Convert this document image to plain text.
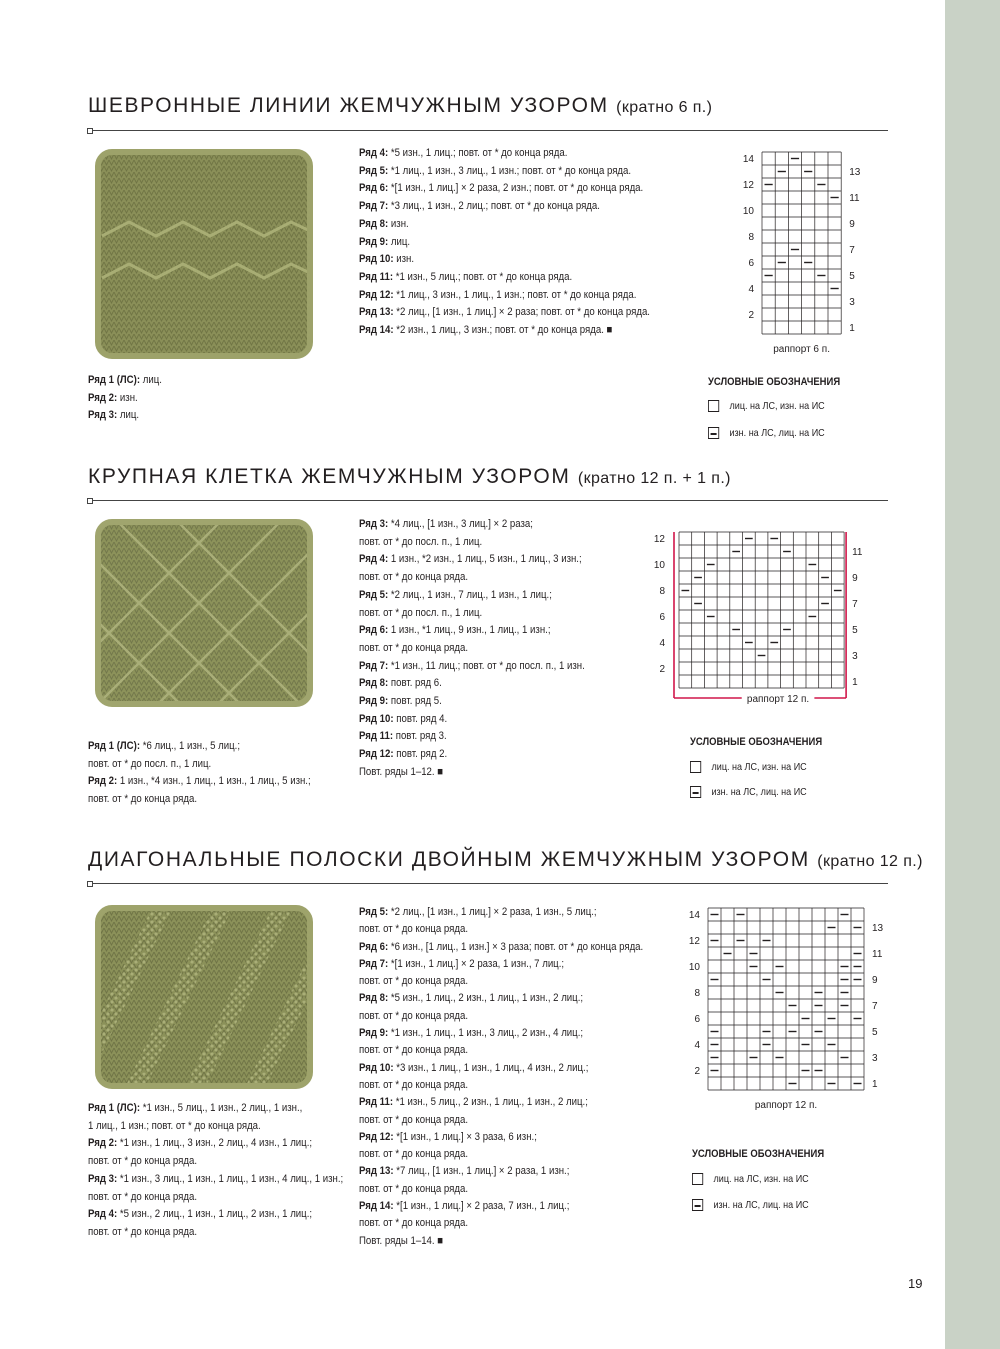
ШЕВРОННЫЕ ЛИНИИ ЖЕМЧУЖНЫМ УЗОРОМ (кратно 6 п.)
Ряд 1 (ЛС): лиц.
Ряд 2: изн.
Ряд 3: лиц.
Ряд 4: *5 изн., 1 лиц.; повт. от * до конца ряда.
Ряд 5: *1 лиц., 1 изн., 3 лиц., 1 изн.; повт. от * до конца ряда.
Ряд 6: *[1 изн., 1 лиц.] × 2 раза, 2 изн.; повт. от * до конца ряда.
Ряд 7: *3 лиц., 1 изн., 2 лиц.; повт. от * до конца ряда.
Ряд 8: изн.
Ряд 9: лиц.
Ряд 10: изн.
Ряд 11: *1 изн., 5 лиц.; повт. от * до конца ряда.
Ряд 12: *1 лиц., 3 изн., 1 лиц., 1 изн.; повт. от * до конца ряда.
Ряд 13: *2 лиц., [1 изн., 1 лиц.] × 2 раза; повт. от * до конца ряда.
Ряд 14: *2 изн., 1 лиц., 3 изн.; повт. от * до конца ряда. ■
14
12
10
8
6
4
2
13
11
9
7
5
3
1
раппорт 6 п.
УСЛОВНЫЕ ОБОЗНАЧЕНИЯ
лиц. на ЛС, изн. на ИС
изн. на ЛС, лиц. на ИС
КРУПНАЯ КЛЕТКА ЖЕМЧУЖНЫМ УЗОРОМ (кратно 12 п. + 1 п.)
Ряд 1 (ЛС): *6 лиц., 1 изн., 5 лиц.;
повт. от * до посл. п., 1 лиц.
Ряд 2: 1 изн., *4 изн., 1 лиц., 1 изн., 1 лиц., 5 изн.;
повт. от * до конца ряда.
Ряд 3: *4 лиц., [1 изн., 3 лиц.] × 2 раза;
повт. от * до посл. п., 1 лиц.
Ряд 4: 1 изн., *2 изн., 1 лиц., 5 изн., 1 лиц., 3 изн.;
повт. от * до конца ряда.
Ряд 5: *2 лиц., 1 изн., 7 лиц., 1 изн., 1 лиц.;
повт. от * до посл. п., 1 лиц.
Ряд 6: 1 изн., *1 лиц., 9 изн., 1 лиц., 1 изн.;
повт. от * до конца ряда.
Ряд 7: *1 изн., 11 лиц.; повт. от * до посл. п., 1 изн.
Ряд 8: повт. ряд 6.
Ряд 9: повт. ряд 5.
Ряд 10: повт. ряд 4.
Ряд 11: повт. ряд 3.
Ряд 12: повт. ряд 2.
Повт. ряды 1–12. ■
12
10
8
6
4
2
11
9
7
5
3
1
раппорт 12 п.
УСЛОВНЫЕ ОБОЗНАЧЕНИЯ
лиц. на ЛС, изн. на ИС
изн. на ЛС, лиц. на ИС
ДИАГОНАЛЬНЫЕ ПОЛОСКИ ДВОЙНЫМ ЖЕМЧУЖНЫМ УЗОРОМ (кратно 12 п.)
Ряд 1 (ЛС): *1 изн., 5 лиц., 1 изн., 2 лиц., 1 изн.,
1 лиц., 1 изн.; повт. от * до конца ряда.
Ряд 2: *1 изн., 1 лиц., 3 изн., 2 лиц., 4 изн., 1 лиц.;
повт. от * до конца ряда.
Ряд 3: *1 изн., 3 лиц., 1 изн., 1 лиц., 1 изн., 4 лиц., 1 изн.;
повт. от * до конца ряда.
Ряд 4: *5 изн., 2 лиц., 1 изн., 1 лиц., 2 изн., 1 лиц.;
повт. от * до конца ряда.
Ряд 5: *2 лиц., [1 изн., 1 лиц.] × 2 раза, 1 изн., 5 лиц.;
повт. от * до конца ряда.
Ряд 6: *6 изн., [1 лиц., 1 изн.] × 3 раза; повт. от * до конца ряда.
Ряд 7: *[1 изн., 1 лиц.] × 2 раза, 1 изн., 7 лиц.;
повт. от * до конца ряда.
Ряд 8: *5 изн., 1 лиц., 2 изн., 1 лиц., 1 изн., 2 лиц.;
повт. от * до конца ряда.
Ряд 9: *1 изн., 1 лиц., 1 изн., 3 лиц., 2 изн., 4 лиц.;
повт. от * до конца ряда.
Ряд 10: *3 изн., 1 лиц., 1 изн., 1 лиц., 4 изн., 2 лиц.;
повт. от * до конца ряда.
Ряд 11: *1 изн., 5 лиц., 2 изн., 1 лиц., 1 изн., 2 лиц.;
повт. от * до конца ряда.
Ряд 12: *[1 изн., 1 лиц.] × 3 раза, 6 изн.;
повт. от * до конца ряда.
Ряд 13: *7 лиц., [1 изн., 1 лиц.] × 2 раза, 1 изн.;
повт. от * до конца ряда.
Ряд 14: *[1 изн., 1 лиц.] × 2 раза, 7 изн., 1 лиц.;
повт. от * до конца ряда.
Повт. ряды 1–14. ■
14
12
10
8
6
4
2
13
11
9
7
5
3
1
раппорт 12 п.
УСЛОВНЫЕ ОБОЗНАЧЕНИЯ
лиц. на ЛС, изн. на ИС
изн. на ЛС, лиц. на ИС
19
